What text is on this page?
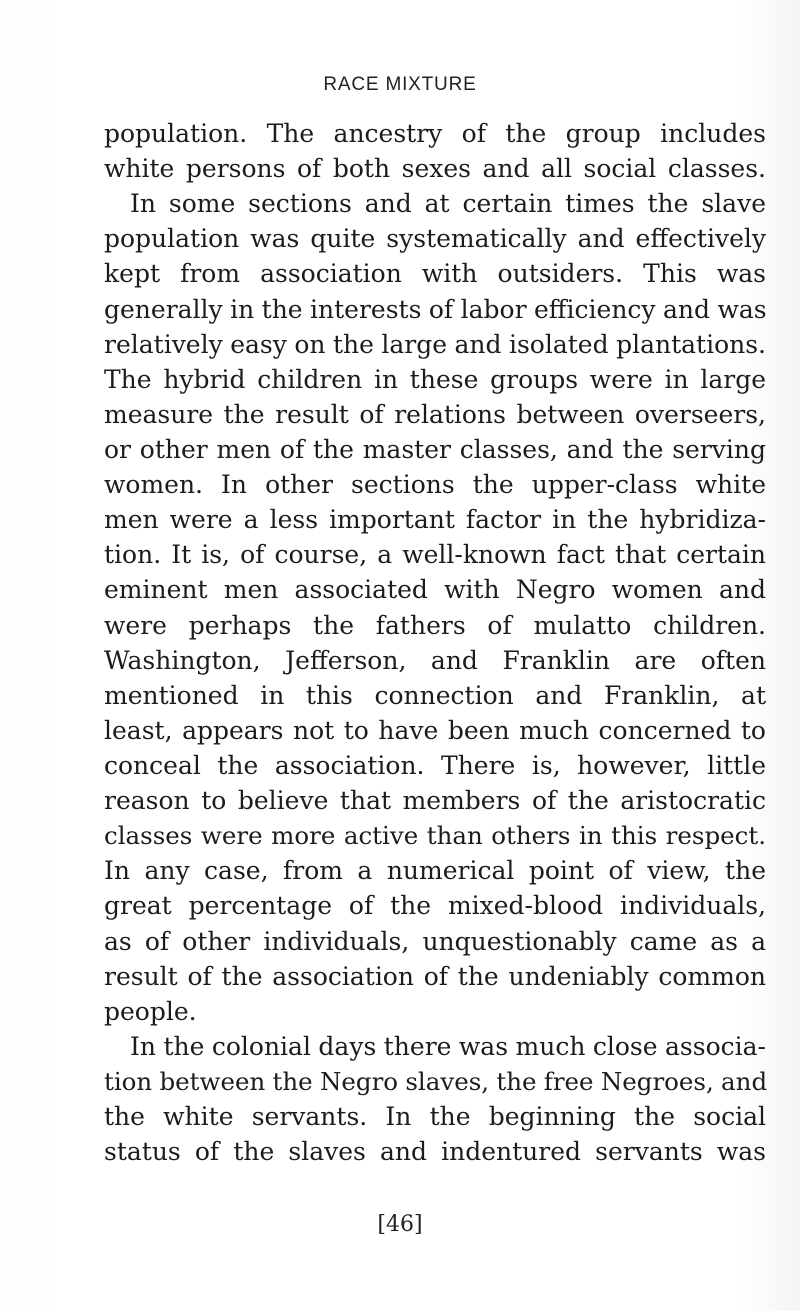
RACE MIXTURE
population. The ancestry of the group includes
white persons of both sexes and all social classes.
In some sections and at certain times the slave
population was quite systematically and effectively
kept from association with outsiders. This was
generally in the interests of labor efficiency and was
relatively easy on the large and isolated plantations.
The hybrid children in these groups were in large
measure the result of relations between overseers,
or other men of the master classes, and the serving
women. In other sections the upper-class white
men were a less important factor in the hybridiza-
tion. It is, of course, a well-known fact that certain
eminent men associated with Negro women and
were perhaps the fathers of mulatto children.
Washington, Jefferson, and Franklin are often
mentioned in this connection and Franklin, at
least, appears not to have been much concerned to
conceal the association. There is, however, little
reason to believe that members of the aristocratic
classes were more active than others in this respect.
In any case, from a numerical point of view, the
great percentage of the mixed-blood individuals,
as of other individuals, unquestionably came as a
result of the association of the undeniably common
people.
In the colonial days there was much close associa-
tion between the Negro slaves, the free Negroes, and
the white servants. In the beginning the social
status of the slaves and indentured servants was
[46]
